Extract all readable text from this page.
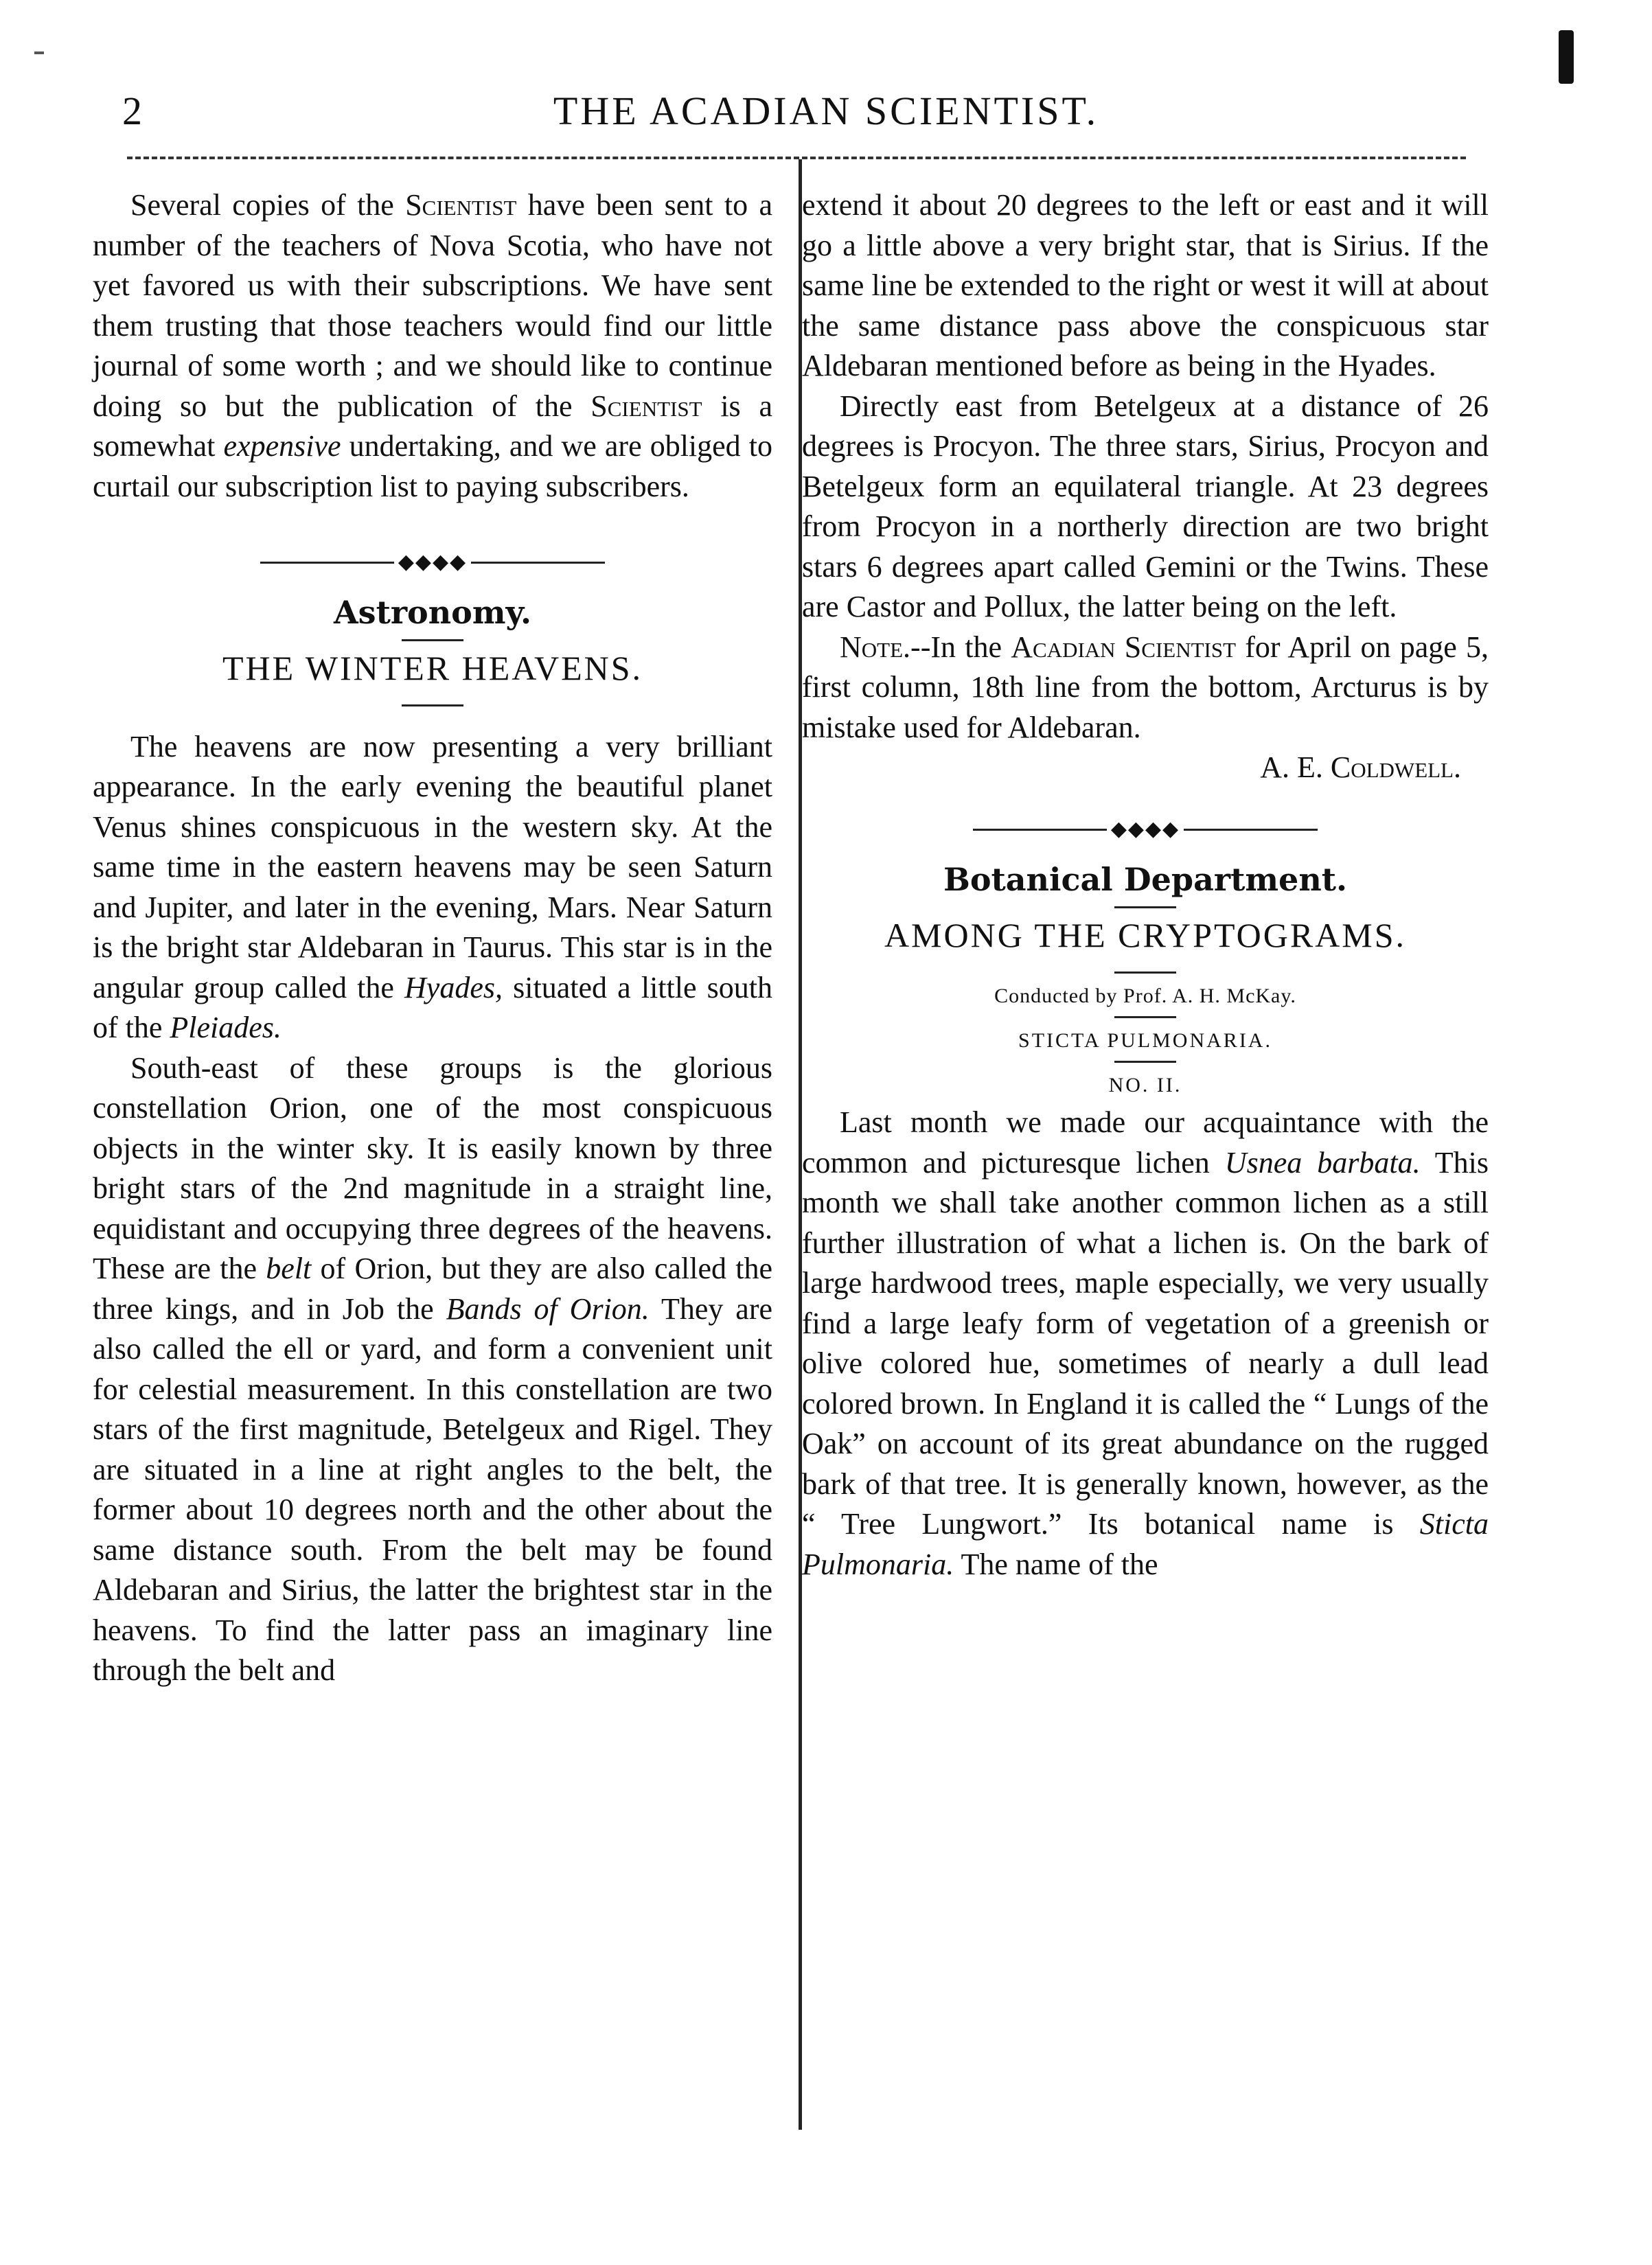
THE ACADIAN SCIENTIST.
2

Several copies of the Scientist have been sent to a number of the teachers of Nova Scotia, who have not yet favored us with their subscriptions. We have sent them trusting that those teachers would find our little journal of some worth ; and we should like to continue doing so but the publication of the Scientist is a somewhat expensive undertaking, and we are obliged to curtail our subscription list to paying subscribers.

◆◆◆◆
Astronomy.
THE WINTER HEAVENS.

The heavens are now presenting a very brilliant appearance. In the early evening the beautiful planet Venus shines conspicuous in the western sky. At the same time in the eastern heavens may be seen Saturn and Jupiter, and later in the evening, Mars. Near Saturn is the bright star Aldebaran in Taurus. This star is in the angular group called the Hyades, situated a little south of the Pleiades.

South-east of these groups is the glorious constellation Orion, one of the most conspicuous objects in the winter sky. It is easily known by three bright stars of the 2nd magnitude in a straight line, equidistant and occupying three degrees of the heavens. These are the belt of Orion, but they are also called the three kings, and in Job the Bands of Orion. They are also called the ell or yard, and form a convenient unit for celestial measurement. In this constellation are two stars of the first magnitude, Betelgeux and Rigel. They are situated in a line at right angles to the belt, the former about 10 degrees north and the other about the same distance south. From the belt may be found Aldebaran and Sirius, the latter the brightest star in the heavens. To find the latter pass an imaginary line through the belt and

extend it about 20 degrees to the left or east and it will go a little above a very bright star, that is Sirius. If the same line be extended to the right or west it will at about the same distance pass above the conspicuous star Aldebaran mentioned before as being in the Hyades.

Directly east from Betelgeux at a distance of 26 degrees is Procyon. The three stars, Sirius, Procyon and Betelgeux form an equilateral triangle. At 23 degrees from Procyon in a northerly direction are two bright stars 6 degrees apart called Gemini or the Twins. These are Castor and Pollux, the latter being on the left.

Note.--In the Acadian Scientist for April on page 5, first column, 18th line from the bottom, Arcturus is by mistake used for Aldebaran.

A. E. Coldwell.
◆◆◆◆
Botanical Department.
AMONG THE CRYPTOGRAMS.
Conducted by Prof. A. H. McKay.
STICTA PULMONARIA.
NO. II.

Last month we made our acquaintance with the common and picturesque lichen Usnea barbata. This month we shall take another common lichen as a still further illustration of what a lichen is. On the bark of large hardwood trees, maple especially, we very usually find a large leafy form of vegetation of a greenish or olive colored hue, sometimes of nearly a dull lead colored brown. In England it is called the “ Lungs of the Oak” on account of its great abundance on the rugged bark of that tree. It is generally known, however, as the “ Tree Lungwort.” Its botanical name is Sticta Pulmonaria. The name of the
